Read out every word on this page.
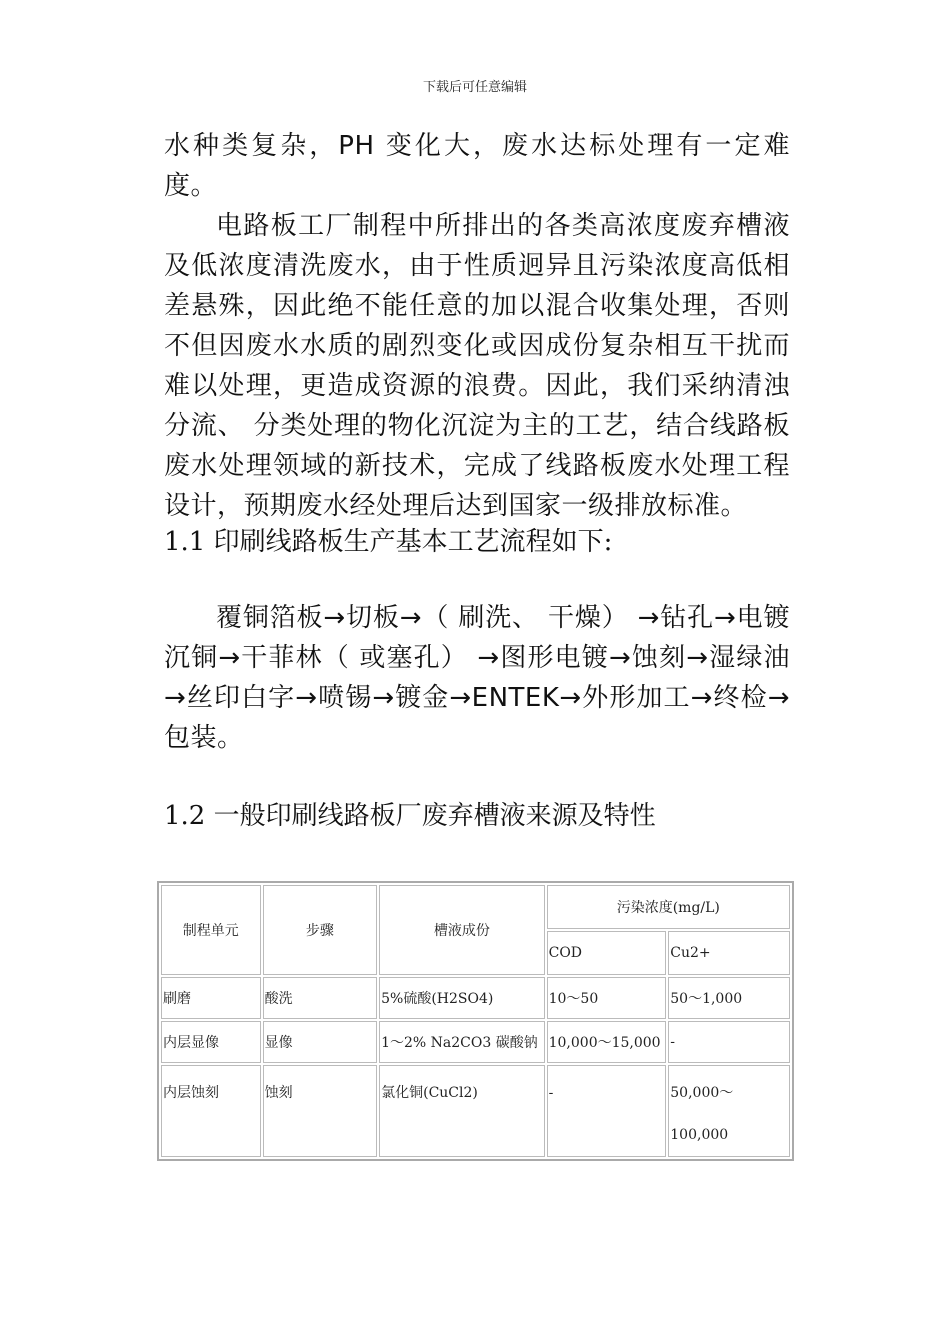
下载后可任意编辑

水种类复杂，PH 变化大，废水达标处理有一定难度。

电路板工厂制程中所排出的各类高浓度废弃槽液及低浓度清洗废水，由于性质迥异且污染浓度高低相差悬殊，因此绝不能任意的加以混合收集处理，否则不但因废水水质的剧烈变化或因成份复杂相互干扰而难以处理，更造成资源的浪费。因此，我们采纳清浊分流、 分类处理的物化沉淀为主的工艺，结合线路板废水处理领域的新技术，完成了线路板废水处理工程设计，预期废水经处理后达到国家一级排放标准。

1.1 印刷线路板生产基本工艺流程如下:

覆铜箔板→切板→（ 刷洗、 干燥） →钻孔→电镀沉铜→干菲林（ 或塞孔） →图形电镀→蚀刻→湿绿油→丝印白字→喷锡→镀金→ENTEK→外形加工→终检→包装。

1.2 一般印刷线路板厂废弃槽液来源及特性

制程单元	步骤	槽液成份	污染浓度(mg/L)	
			COD	Cu2+
刷磨	酸洗	5%硫酸(H2SO4)	10～50	50～1,000
内层显像	显像	1～2% Na2CO3 碳酸钠	10,000～15,000	-
内层蚀刻	蚀刻	氯化铜(CuCl2)	-	50,000～
100,000
